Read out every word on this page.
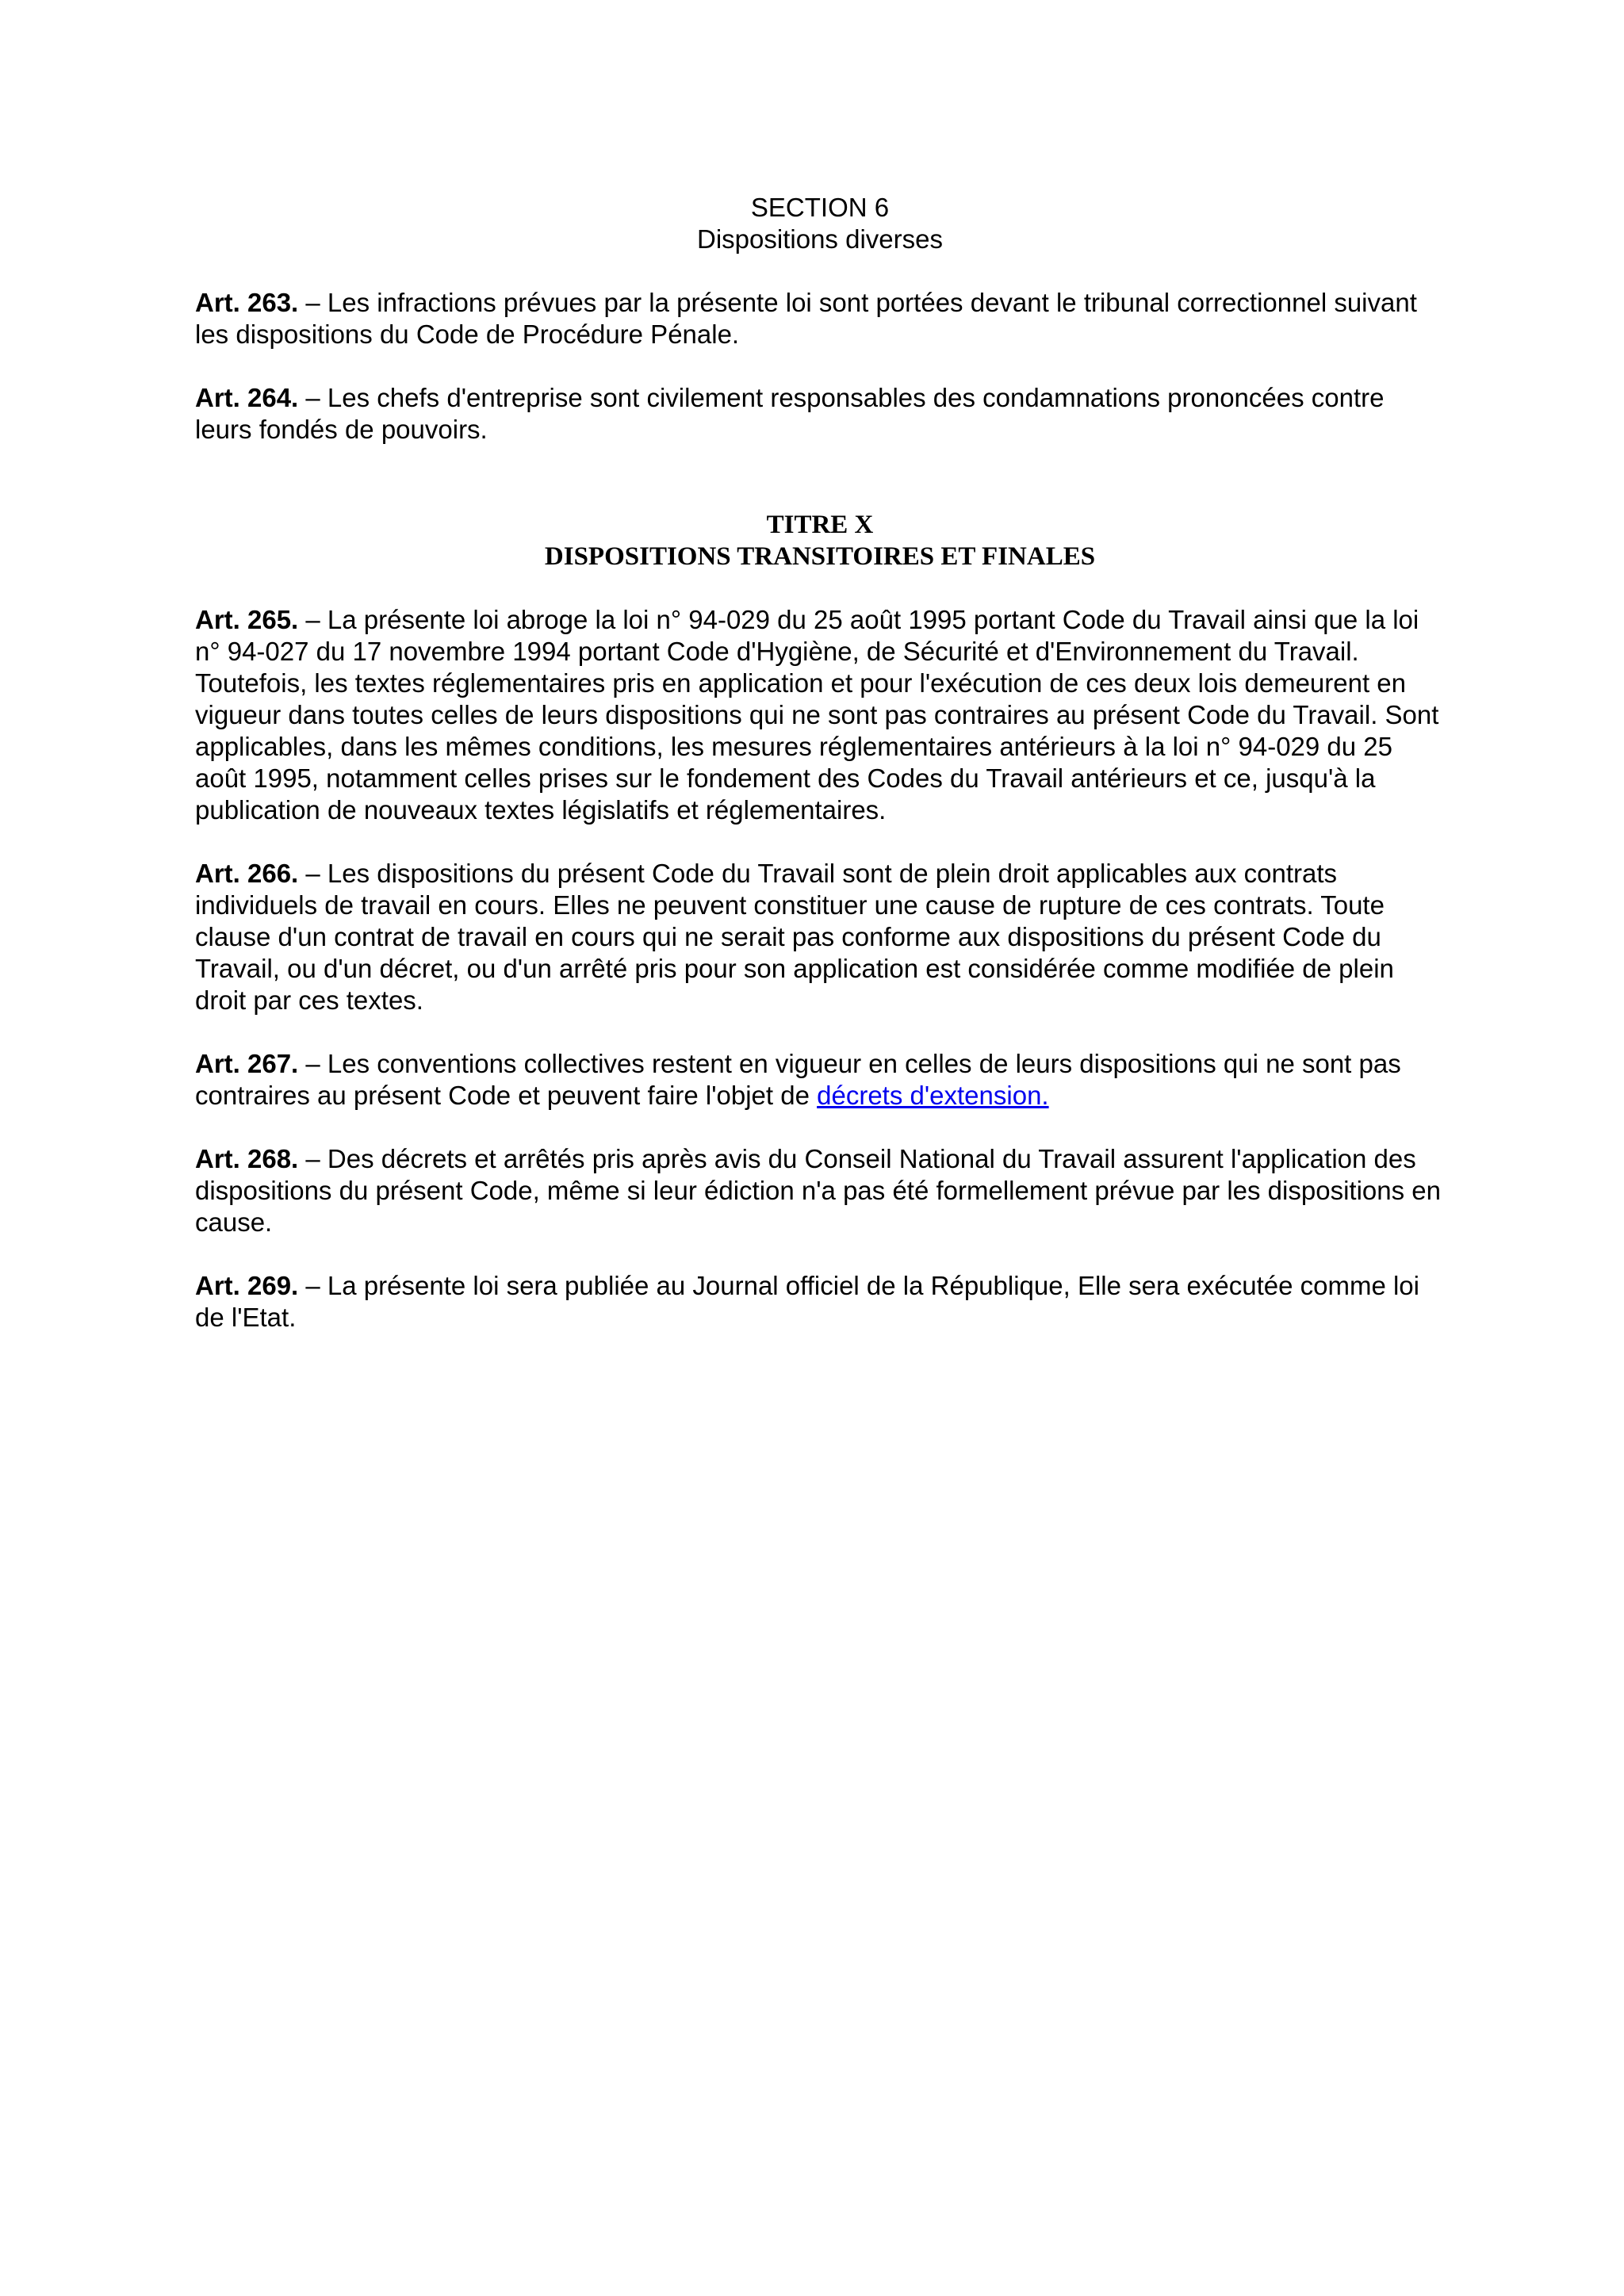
SECTION 6
Dispositions diverses

Art. 263. – Les infractions prévues par la présente loi sont portées devant le tribunal correctionnel suivant les dispositions du Code de Procédure Pénale.

Art. 264. – Les chefs d'entreprise sont civilement responsables des condamnations prononcées contre leurs fondés de pouvoirs.

TITRE X
DISPOSITIONS TRANSITOIRES ET FINALES

Art. 265. – La présente loi abroge la loi n° 94-029 du 25 août 1995 portant Code du Travail ainsi que la loi n° 94-027 du 17 novembre 1994 portant Code d'Hygiène, de Sécurité et d'Environnement du Travail.

Toutefois, les textes réglementaires pris en application et pour l'exécution de ces deux lois demeurent en vigueur dans toutes celles de leurs dispositions qui ne sont pas contraires au présent Code du Travail. Sont applicables, dans les mêmes conditions, les mesures réglementaires antérieurs à la loi n° 94-029 du 25 août 1995, notamment celles prises sur le fondement des Codes du Travail antérieurs et ce, jusqu'à la publication de nouveaux textes législatifs et réglementaires.

Art. 266. – Les dispositions du présent Code du Travail sont de plein droit applicables aux contrats individuels de travail en cours. Elles ne peuvent constituer une cause de rupture de ces contrats. Toute clause d'un contrat de travail en cours qui ne serait pas conforme aux dispositions du présent Code du Travail, ou d'un décret, ou d'un arrêté pris pour son application est considérée comme modifiée de plein droit par ces textes.

Art. 267. – Les conventions collectives restent en vigueur en celles de leurs dispositions qui ne sont pas contraires au présent Code et peuvent faire l'objet de décrets d'extension.

Art. 268. – Des décrets et arrêtés pris après avis du Conseil National du Travail assurent l'application des dispositions du présent Code, même si leur édiction n'a pas été formellement prévue par les dispositions en cause.

Art. 269. – La présente loi sera publiée au Journal officiel de la République, Elle sera exécutée comme loi de l'Etat.
